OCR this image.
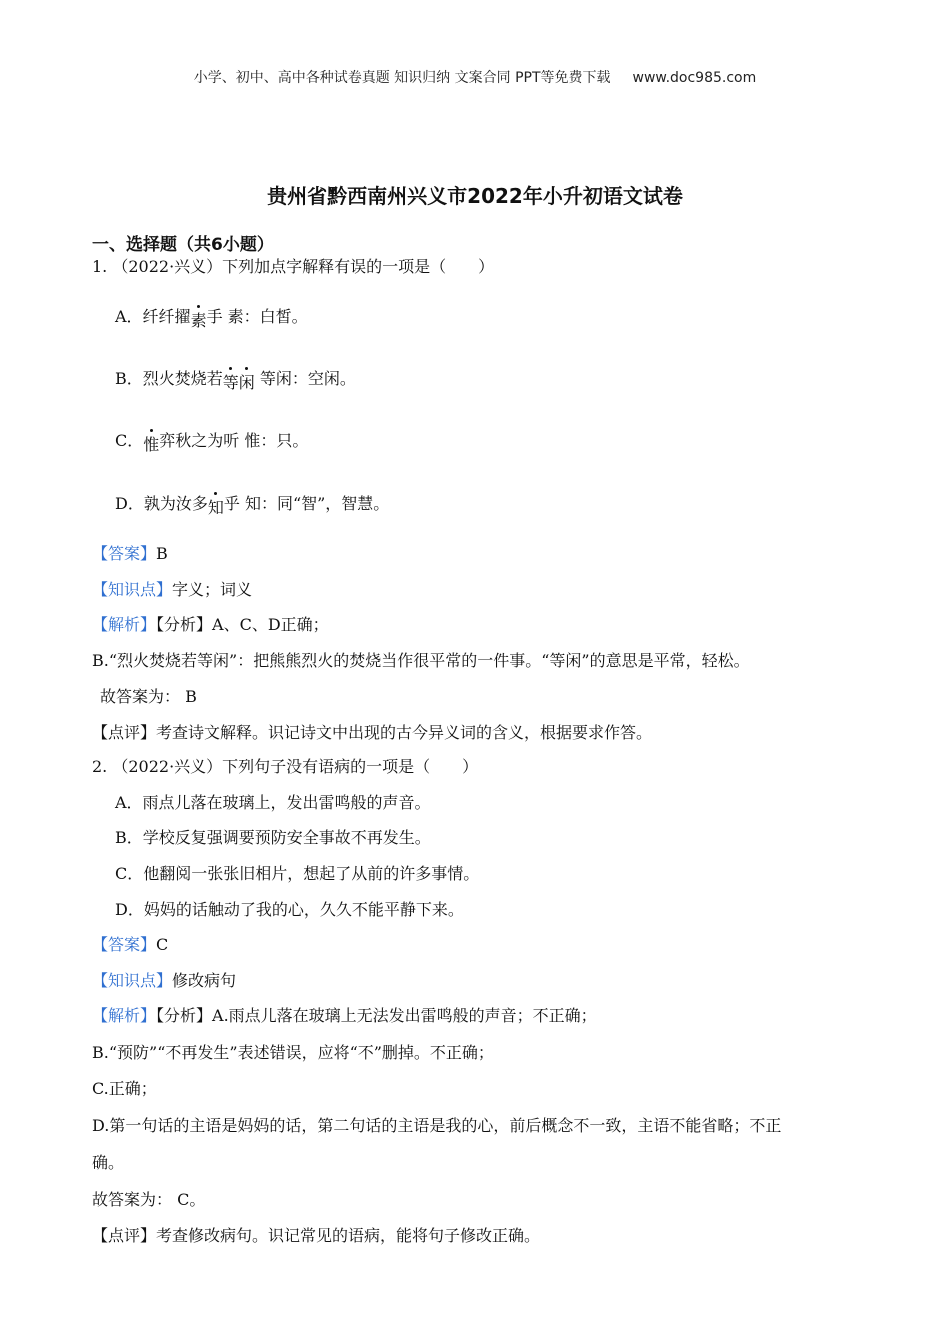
小学、初中、高中各种试卷真题 知识归纳 文案合同 PPT等免费下载 www.doc985.com
贵州省黔西南州兴义市2022年小升初语文试卷
一、选择题（共6小题）
1. （2022·兴义）下列加点字解释有误的一项是（　　）
A．纤纤擢素手 素：白皙。
B．烈火焚烧若等闲 等闲：空闲。
C．惟弈秋之为听 惟：只。
D．孰为汝多知乎 知：同“智”，智慧。
【答案】B
【知识点】字义；词义
【解析】【分析】A、C、D正确；
B.“烈火焚烧若等闲”：把熊熊烈火的焚烧当作很平常的一件事。“等闲”的意思是平常，轻松。
故答案为： B
【点评】考查诗文解释。识记诗文中出现的古今异义词的含义，根据要求作答。
2. （2022·兴义）下列句子没有语病的一项是（　　）
A．雨点儿落在玻璃上，发出雷鸣般的声音。
B．学校反复强调要预防安全事故不再发生。
C．他翻阅一张张旧相片，想起了从前的许多事情。
D．妈妈的话触动了我的心，久久不能平静下来。
【答案】C
【知识点】修改病句
【解析】【分析】A.雨点儿落在玻璃上无法发出雷鸣般的声音；不正确；
B.“预防”“不再发生”表述错误，应将“不”删掉。不正确；
C.正确；
D.第一句话的主语是妈妈的话，第二句话的主语是我的心，前后概念不一致，主语不能省略；不正
确。
故答案为： C。
【点评】考查修改病句。识记常见的语病，能将句子修改正确。
